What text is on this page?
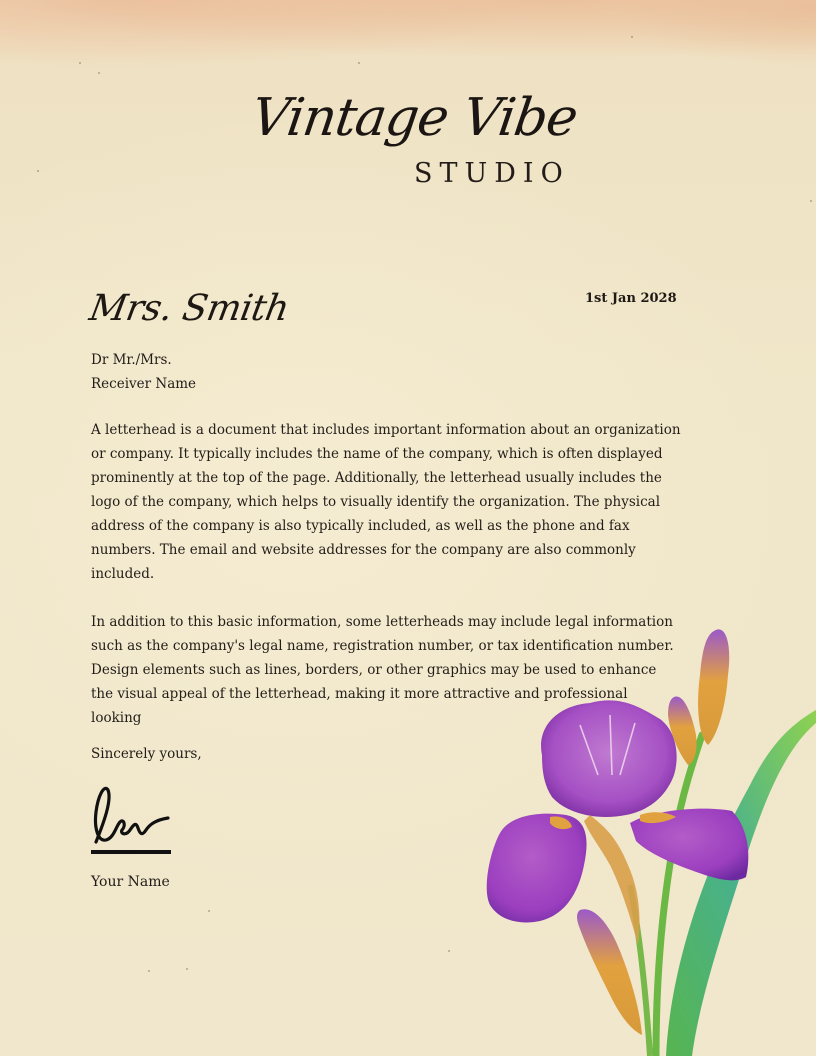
Vintage Vibe
STUDIO
Mrs. Smith	1st Jan 2028
Dr Mr./Mrs.
Receiver Name

A letterhead is a document that includes important information about an organization or company. It typically includes the name of the company, which is often displayed prominently at the top of the page. Additionally, the letterhead usually includes the logo of the company, which helps to visually identify the organization. The physical address of the company is also typically included, as well as the phone and fax numbers. The email and website addresses for the company are also commonly included.

In addition to this basic information, some letterheads may include legal information such as the company's legal name, registration number, or tax identification number. Design elements such as lines, borders, or other graphics may be used to enhance the visual appeal of the letterhead, making it more attractive and professional looking

Sincerely yours,
Your Name
